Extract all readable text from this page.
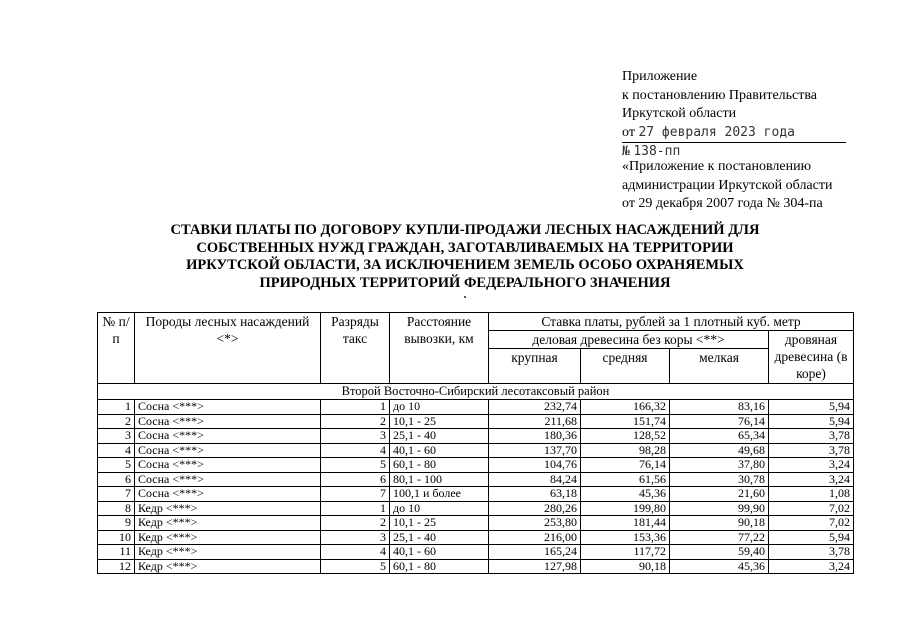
Приложение
к постановлению Правительства
Иркутской области
от 27 февраля 2023 года
№ 138-пп
«Приложение к постановлению
администрации Иркутской области
от 29 декабря 2007 года № 304-па
СТАВКИ ПЛАТЫ ПО ДОГОВОРУ КУПЛИ-ПРОДАЖИ ЛЕСНЫХ НАСАЖДЕНИЙ ДЛЯ
СОБСТВЕННЫХ НУЖД ГРАЖДАН, ЗАГОТАВЛИВАЕМЫХ НА ТЕРРИТОРИИ
ИРКУТСКОЙ ОБЛАСТИ, ЗА ИСКЛЮЧЕНИЕМ ЗЕМЕЛЬ ОСОБО ОХРАНЯЕМЫХ
ПРИРОДНЫХ ТЕРРИТОРИЙ ФЕДЕРАЛЬНОГО ЗНАЧЕНИЯ
№ п/п	Породы лесных насаждений <*>	Разряды такс	Расстояние вывозки, км	Ставка платы, рублей за 1 плотный куб. метр			
				деловая древесина без коры <**>			дровяная древесина (в коре)
				крупная	средняя	мелкая	
Второй Восточно-Сибирский лесотаксовый район							
1	Сосна <***>	1	до 10	232,74	166,32	83,16	5,94
2	Сосна <***>	2	10,1 - 25	211,68	151,74	76,14	5,94
3	Сосна <***>	3	25,1 - 40	180,36	128,52	65,34	3,78
4	Сосна <***>	4	40,1 - 60	137,70	98,28	49,68	3,78
5	Сосна <***>	5	60,1 - 80	104,76	76,14	37,80	3,24
6	Сосна <***>	6	80,1 - 100	84,24	61,56	30,78	3,24
7	Сосна <***>	7	100,1 и более	63,18	45,36	21,60	1,08
8	Кедр <***>	1	до 10	280,26	199,80	99,90	7,02
9	Кедр <***>	2	10,1 - 25	253,80	181,44	90,18	7,02
10	Кедр <***>	3	25,1 - 40	216,00	153,36	77,22	5,94
11	Кедр <***>	4	40,1 - 60	165,24	117,72	59,40	3,78
12	Кедр <***>	5	60,1 - 80	127,98	90,18	45,36	3,24
